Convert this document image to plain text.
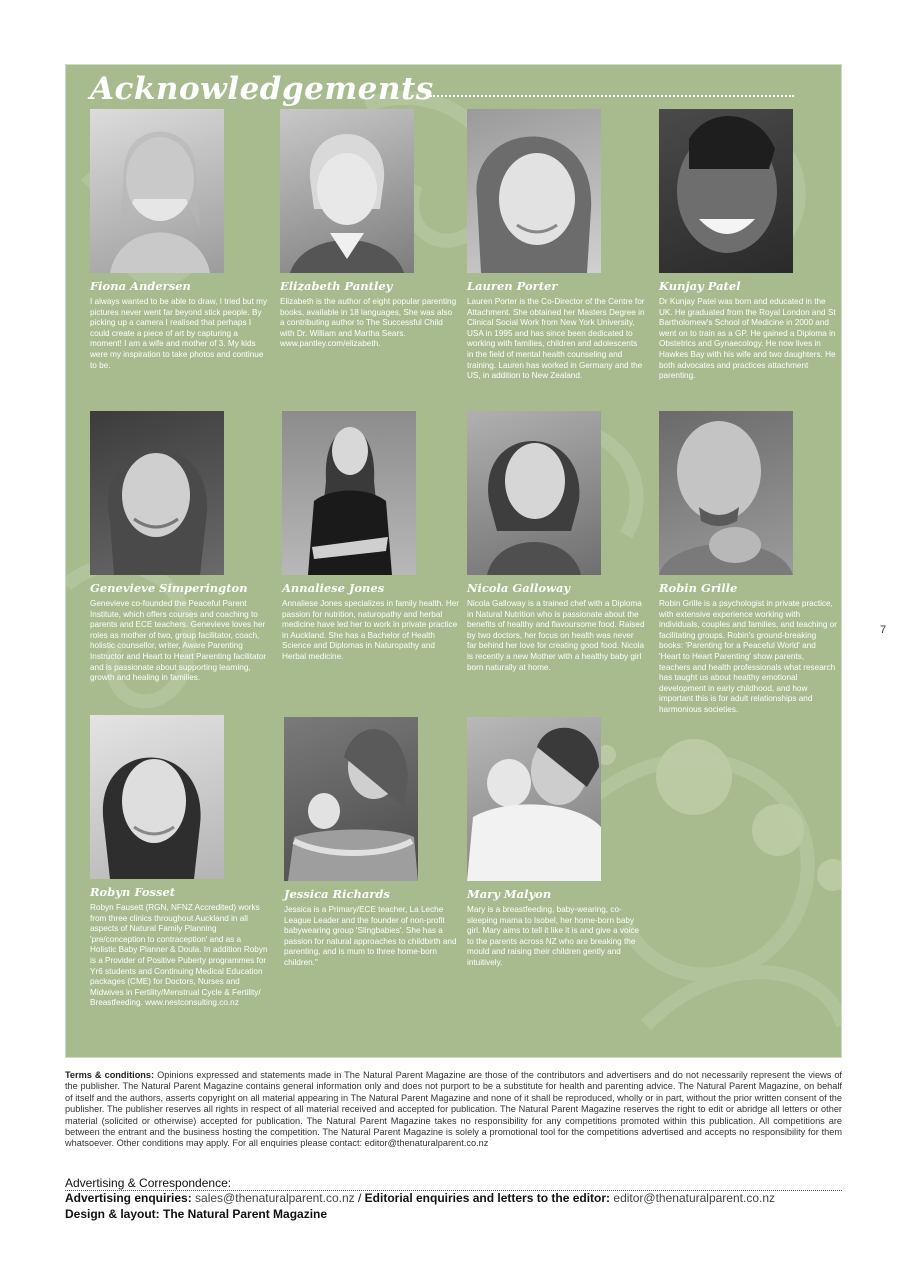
Acknowledgements
Fiona Andersen
I always wanted to be able to draw, I tried but my pictures never went far beyond stick people. By picking up a camera I realised that perhaps I could create a piece of art by capturing a moment! I am a wife and mother of 3. My kids were my inspiration to take photos and continue to be.
Elizabeth Pantley
Elizabeth is the author of eight popular parenting books, available in 18 languages, She was also a contributing author to The Successful Child with Dr. William and Martha Sears. www.pantley.com/elizabeth.
Lauren Porter
Lauren Porter is the Co-Director of the Centre for Attachment. She obtained her Masters Degree in Clinical Social Work from New York University, USA in 1995 and has since been dedicated to working with families, children and adolescents in the field of mental health counseling and training. Lauren has worked in Germany and the US, in addition to New Zealand.
Kunjay Patel
Dr Kunjay Patel was born and educated in the UK. He graduated from the Royal London and St Bartholomew's School of Medicine in 2000 and went on to train as a GP. He gained a Diploma in Obstetrics and Gynaecology. He now lives in Hawkes Bay with his wife and two daughters. He both advocates and practices attachment parenting.
Genevieve Simperington
Genevieve co-founded the Peaceful Parent Institute, which offers courses and coaching to parents and ECE teachers. Genevieve loves her roles as mother of two, group facilitator, coach, holistic counsellor, writer, Aware Parenting Instructor and Heart to Heart Parenting facilitator and is passionate about supporting learning, growth and healing in families.
Annaliese Jones
Annaliese Jones specializes in family health. Her passion for nutrition, naturopathy and herbal medicine have led her to work in private practice in Auckland. She has a Bachelor of Health Science and Diplomas in Naturopathy and Herbal medicine.
Nicola Galloway
Nicola Galloway is a trained chef with a Diploma in Natural Nutrition who is passionate about the benefits of healthy and flavoursome food. Raised by two doctors, her focus on health was never far behind her love for creating good food. Nicola is recently a new Mother with a healthy baby girl born naturally at home.
Robin Grille
Robin Grille is a psychologist in private practice, with extensive experience working with individuals, couples and families, and teaching or facilitating groups. Robin's ground-breaking books: 'Parenting for a Peaceful World' and 'Heart to Heart Parenting' show parents, teachers and health professionals what research has taught us about healthy emotional development in early childhood, and how important this is for adult relationships and harmonious societies.
Robyn Fosset
Robyn Fausett (RGN, NFNZ Accredited) works from three clinics throughout Auckland in all aspects of Natural Family Planning 'pre/conception to contraception' and as a Holistic Baby Planner & Doula. In addition Robyn is a Provider of Positive Puberty programmes for Yr6 students and Continuing Medical Education packages (CME) for Doctors, Nurses and Midwives in Fertility/Menstrual Cycle & Fertility/ Breastfeeding. www.nestconsulting.co.nz
Jessica Richards
Jessica is a Primary/ECE teacher, La Leche League Leader and the founder of non-profit babywearing group 'Slingbabies'. She has a passion for natural approaches to childbirth and parenting, and is mum to three home-born children."
Mary Malyon
Mary is a breastfeeding, baby-wearing, co-sleeping mama to Isobel, her home-born baby girl. Mary aims to tell it like it is and give a voice to the parents across NZ who are breaking the mould and raising their children gently and intuitively.
7
Terms & conditions: Opinions expressed and statements made in The Natural Parent Magazine are those of the contributors and advertisers and do not necessarily represent the views of the publisher. The Natural Parent Magazine contains general information only and does not purport to be a substitute for health and parenting advice. The Natural Parent Magazine, on behalf of itself and the authors, asserts copyright on all material appearing in The Natural Parent Magazine and none of it shall be reproduced, wholly or in part, without the prior written consent of the publisher. The publisher reserves all rights in respect of all material received and accepted for publication. The Natural Parent Magazine reserves the right to edit or abridge all letters or other material (solicited or otherwise) accepted for publication. The Natural Parent Magazine takes no responsibility for any competitions promoted within this publication. All competitions are between the entrant and the business hosting the competition. The Natural Parent Magazine is solely a promotional tool for the competitions advertised and accepts no responsibility for them whatsoever. Other conditions may apply. For all enquiries please contact: editor@thenaturalparent.co.nz
Advertising & Correspondence:
Advertising enquiries: sales@thenaturalparent.co.nz / Editorial enquiries and letters to the editor: editor@thenaturalparent.co.nz
Design & layout: The Natural Parent Magazine
